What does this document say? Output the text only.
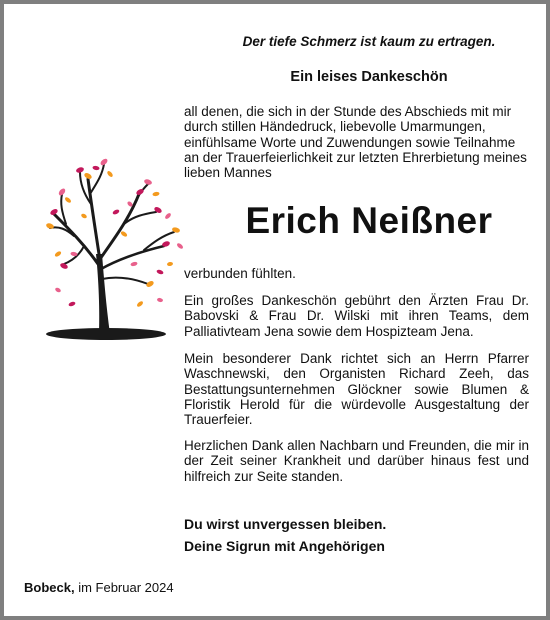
Der tiefe Schmerz ist kaum zu ertragen.

Ein leises Dankeschön

all denen, die sich in der Stunde des Abschieds mit mir durch stillen Händedruck, liebevolle Umarmungen, einfühlsame Worte und Zuwendungen sowie Teilnahme an der Trauerfeierlichkeit zur letzten Ehrerbietung meines lieben Mannes

Erich Neißner

verbunden fühlten.

Ein großes Dankeschön gebührt den Ärzten Frau Dr. Babovski & Frau Dr. Wilski mit ihren Teams, dem Palliativteam Jena sowie dem Hospizteam Jena.

Mein besonderer Dank richtet sich an Herrn Pfarrer Waschnewski, den Organisten Richard Zeeh, das Bestattungsunternehmen Glöckner sowie Blumen & Floristik Herold für die würdevolle Ausgestaltung der Trauerfeier.

Herzlichen Dank allen Nachbarn und Freunden, die mir in der Zeit seiner Krankheit und darüber hinaus fest und hilfreich zur Seite standen.

Du wirst unvergessen bleiben.

Deine Sigrun mit Angehörigen

Bobeck, im Februar 2024
